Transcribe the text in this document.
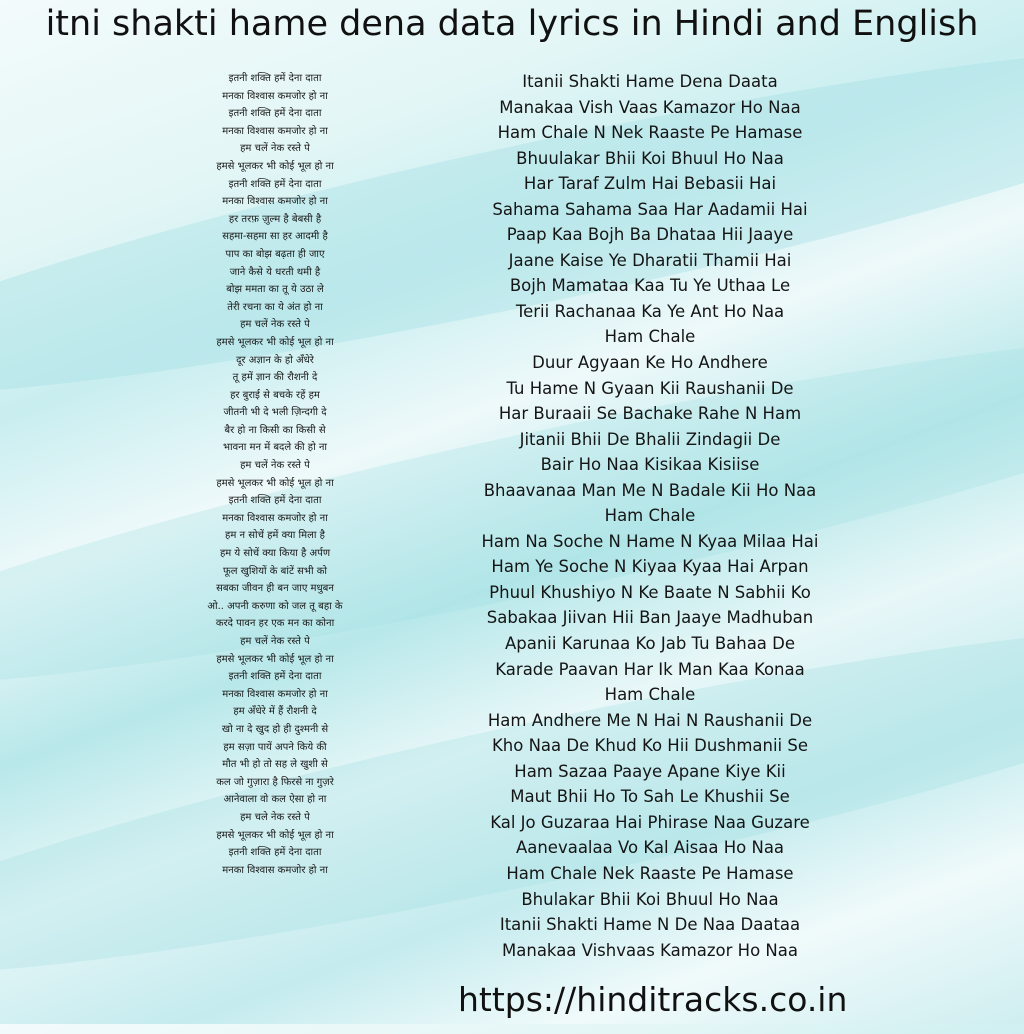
itni shakti hame dena data lyrics in Hindi and English
इतनी शक्ति हमें देना दाता
मनका विश्वास कमजोर हो ना
इतनी शक्ति हमें देना दाता
मनका विश्वास कमजोर हो ना
हम चलें नेक रस्ते पे
हमसे भूलकर भी कोई भूल हो ना
इतनी शक्ति हमें देना दाता
मनका विश्वास कमजोर हो ना
हर तरफ़ ज़ुल्म है बेबसी है
सहमा-सहमा सा हर आदमी है
पाप का बोझ बढ़ता ही जाए
जाने कैसे ये धरती थमी है
बोझ ममता का तू ये उठा ले
तेरी रचना का ये अंत हो ना
हम चलें नेक रस्ते पे
हमसे भूलकर भी कोई भूल हो ना
दूर अज्ञान के हो अँधेरे
तू हमें ज्ञान की रौशनी दे
हर बुराई से बचके रहें हम
जीतनी भी दे भली ज़िन्दगी दे
बैर हो ना किसी का किसी से
भावना मन में बदले की हो ना
हम चलें नेक रस्ते पे
हमसे भूलकर भी कोई भूल हो ना
इतनी शक्ति हमें देना दाता
मनका विश्वास कमजोर हो ना
हम न सोचें हमें क्या मिला है
हम ये सोचें क्या किया है अर्पण
फूल खुशियों के बांटें सभी को
सबका जीवन ही बन जाए मधुबन
ओ.. अपनी करुणा को जल तू बहा के
करदे पावन हर एक मन का कोना
हम चलें नेक रस्ते पे
हमसे भूलकर भी कोई भूल हो ना
इतनी शक्ति हमें देना दाता
मनका विश्वास कमजोर हो ना
हम अँधेरे में हैं रौशनी दे
खो ना दे खुद हो ही दुश्मनी से
हम सज़ा पायें अपने किये की
मौत भी हो तो सह ले खुशी से
कल जो गुज़ारा है फिरसे ना गुज़रे
आनेवाला वो कल ऐसा हो ना
हम चले नेक रस्ते पे
हमसे भूलकर भी कोई भूल हो ना
इतनी शक्ति हमें देना दाता
मनका विश्वास कमजोर हो ना
Itanii Shakti Hame Dena Daata
Manakaa Vish Vaas Kamazor Ho Naa
Ham Chale N Nek Raaste Pe Hamase
Bhuulakar Bhii Koi Bhuul Ho Naa
Har Taraf Zulm Hai Bebasii Hai
Sahama Sahama Saa Har Aadamii Hai
Paap Kaa Bojh Ba Dhataa Hii Jaaye
Jaane Kaise Ye Dharatii Thamii Hai
Bojh Mamataa Kaa Tu Ye Uthaa Le
Terii Rachanaa Ka Ye Ant Ho Naa
Ham Chale
Duur Agyaan Ke Ho Andhere
Tu Hame N Gyaan Kii Raushanii De
Har Buraaii Se Bachake Rahe N Ham
Jitanii Bhii De Bhalii Zindagii De
Bair Ho Naa Kisikaa Kisiise
Bhaavanaa Man Me N Badale Kii Ho Naa
Ham Chale
Ham Na Soche N Hame N Kyaa Milaa Hai
Ham Ye Soche N Kiyaa Kyaa Hai Arpan
Phuul Khushiyo N Ke Baate N Sabhii Ko
Sabakaa Jiivan Hii Ban Jaaye Madhuban
Apanii Karunaa Ko Jab Tu Bahaa De
Karade Paavan Har Ik Man Kaa Konaa
Ham Chale
Ham Andhere Me N Hai N Raushanii De
Kho Naa De Khud Ko Hii Dushmanii Se
Ham Sazaa Paaye Apane Kiye Kii
Maut Bhii Ho To Sah Le Khushii Se
Kal Jo Guzaraa Hai Phirase Naa Guzare
Aanevaalaa Vo Kal Aisaa Ho Naa
Ham Chale Nek Raaste Pe Hamase
Bhulakar Bhii Koi Bhuul Ho Naa
Itanii Shakti Hame N De Naa Daataa
Manakaa Vishvaas Kamazor Ho Naa
https://hinditracks.co.in
